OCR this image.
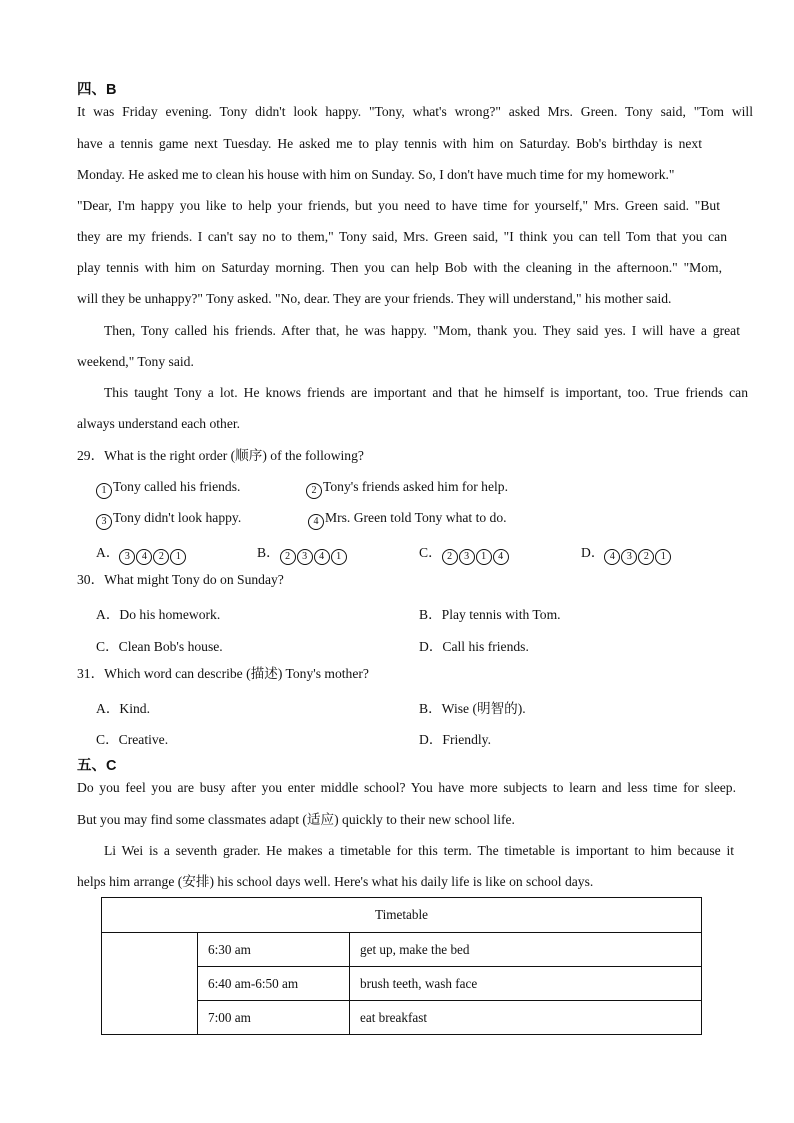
四、B
It was Friday evening. Tony didn't look happy. "Tony, what's wrong?" asked Mrs. Green. Tony said, "Tom will
have a tennis game next Tuesday. He asked me to play tennis with him on Saturday. Bob's birthday is next
Monday. He asked me to clean his house with him on Sunday. So, I don't have much time for my homework."
"Dear, I'm happy you like to help your friends, but you need to have time for yourself," Mrs. Green said. "But
they are my friends. I can't say no to them," Tony said, Mrs. Green said, "I think you can tell Tom that you can
play tennis with him on Saturday morning. Then you can help Bob with the cleaning in the afternoon." "Mom,
will they be unhappy?" Tony asked. "No, dear. They are your friends. They will understand," his mother said.
Then, Tony called his friends. After that, he was happy. "Mom, thank you. They said yes. I will have a great
weekend," Tony said.
This taught Tony a lot. He knows friends are important and that he himself is important, too. True friends can
always understand each other.
29．What is the right order (顺序) of the following?
1 Tony called his friends.	2 Tony's friends asked him for help.
3 Tony didn't look happy.	4 Mrs. Green told Tony what to do.
A． 3 4 2 1	B． 2 3 4 1	C． 2 3 1 4	D． 4 3 2 1
30．What might Tony do on Sunday?
A．Do his homework.	B．Play tennis with Tom.
C．Clean Bob's house.	D．Call his friends.
31．Which word can describe (描述) Tony's mother?
A．Kind.	B．Wise (明智的).
C．Creative.	D．Friendly.
五、C
Do you feel you are busy after you enter middle school? You have more subjects to learn and less time for sleep.
But you may find some classmates adapt (适应) quickly to their new school life.
Li Wei is a seventh grader. He makes a timetable for this term. The timetable is important to him because it
helps him arrange (安排) his school days well. Here's what his daily life is like on school days.
Timetable		
	6:30 am	get up, make the bed
	6:40 am-6:50 am	brush teeth, wash face
	7:00 am	eat breakfast
